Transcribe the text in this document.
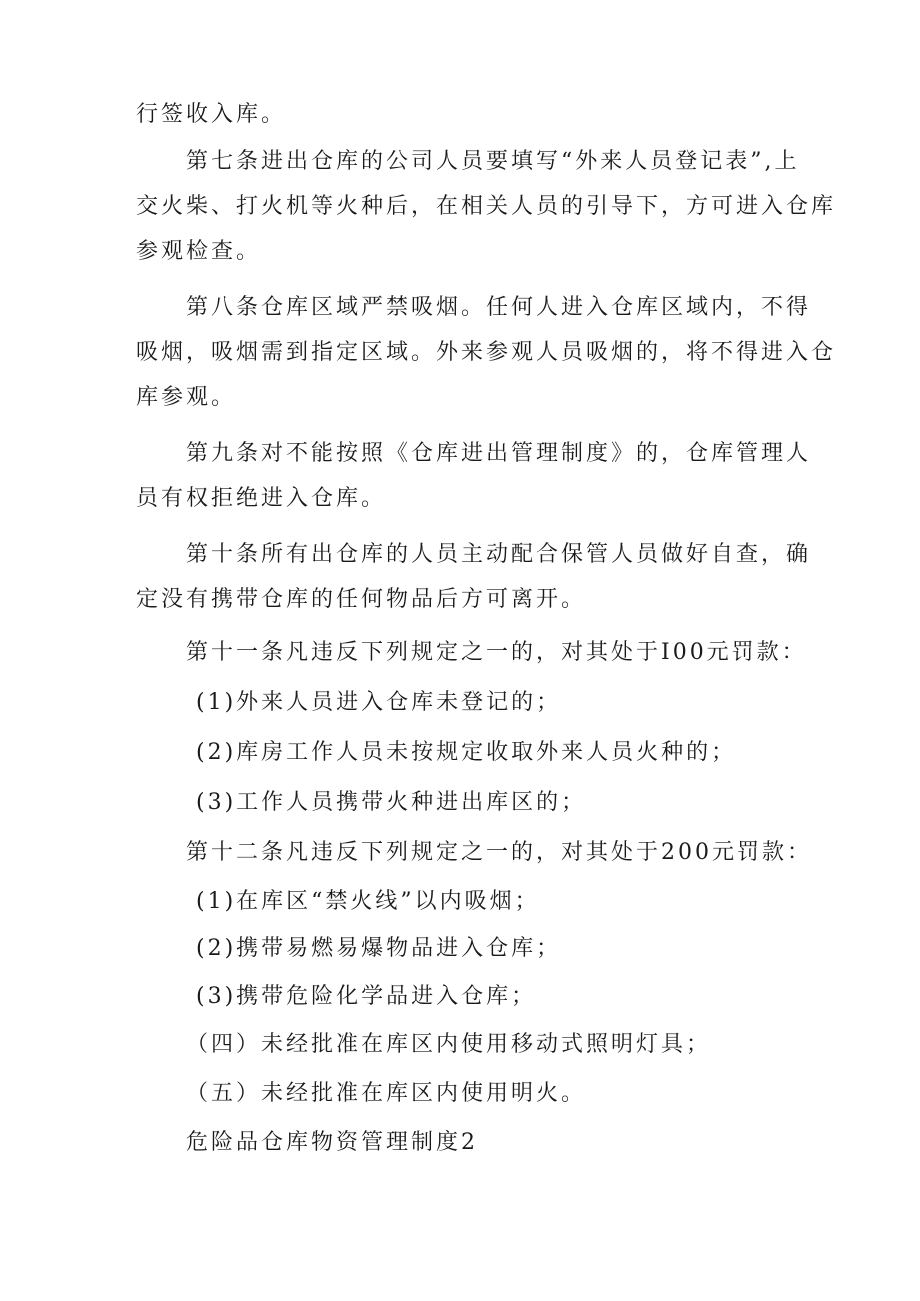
行签收入库。
第七条进出仓库的公司人员要填写“外来人员登记表”,上
交火柴、打火机等火种后，在相关人员的引导下，方可进入仓库
参观检查。
第八条仓库区域严禁吸烟。任何人进入仓库区域内，不得
吸烟，吸烟需到指定区域。外来参观人员吸烟的，将不得进入仓
库参观。
第九条对不能按照《仓库进出管理制度》的，仓库管理人
员有权拒绝进入仓库。
第十条所有出仓库的人员主动配合保管人员做好自查，确
定没有携带仓库的任何物品后方可离开。
第十一条凡违反下列规定之一的，对其处于I00元罚款：
(1)外来人员进入仓库未登记的；
(2)库房工作人员未按规定收取外来人员火种的；
(3)工作人员携带火种进出库区的；
第十二条凡违反下列规定之一的，对其处于200元罚款：
(1)在库区“禁火线”以内吸烟；
(2)携带易燃易爆物品进入仓库；
(3)携带危险化学品进入仓库；
（四）未经批准在库区内使用移动式照明灯具；
（五）未经批准在库区内使用明火。
危险品仓库物资管理制度2
